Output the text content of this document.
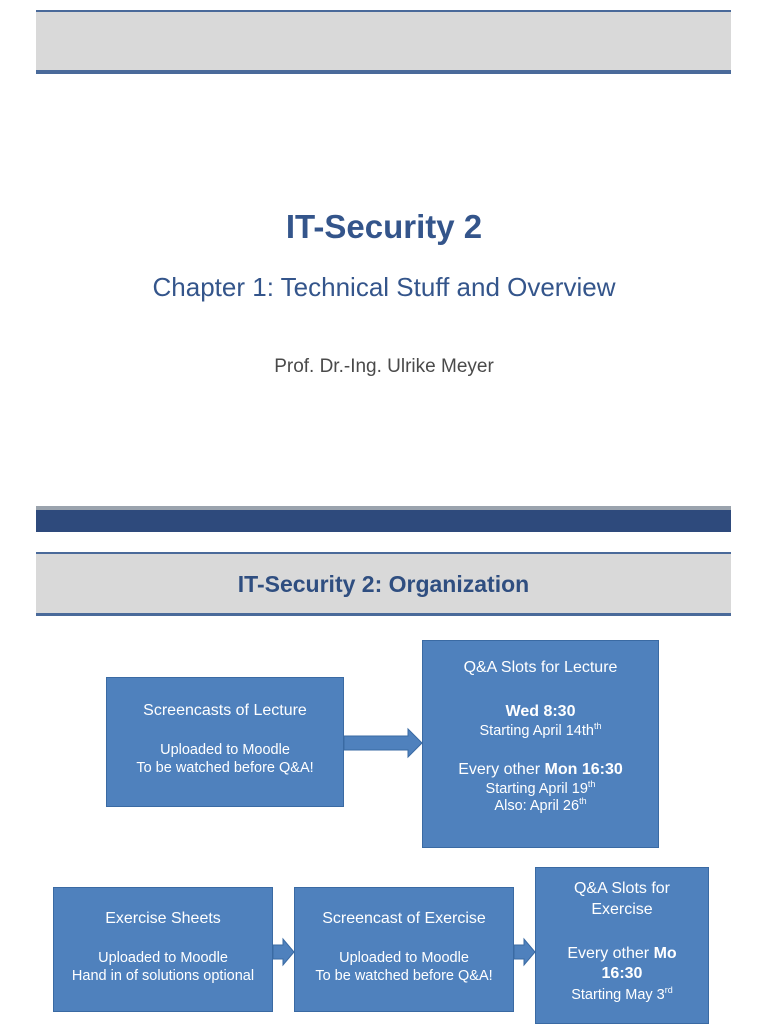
IT-Security 2
Chapter 1: Technical Stuff and Overview
Prof. Dr.-Ing. Ulrike Meyer
IT-Security 2: Organization
Screencasts of Lecture
Uploaded to Moodle
To be watched before Q&A!
Q&A Slots for Lecture
Wed 8:30
Starting April $14th^{th}$
Every other Mon 16:30
Starting April 19th
Also: April 26th
Exercise Sheets
Uploaded to Moodle
Hand in of solutions optional
Screencast of Exercise
Uploaded to Moodle
To be watched before Q&A!
Q&A Slots for
Exercise
Every other Mo
16:30
Starting May 3rd
